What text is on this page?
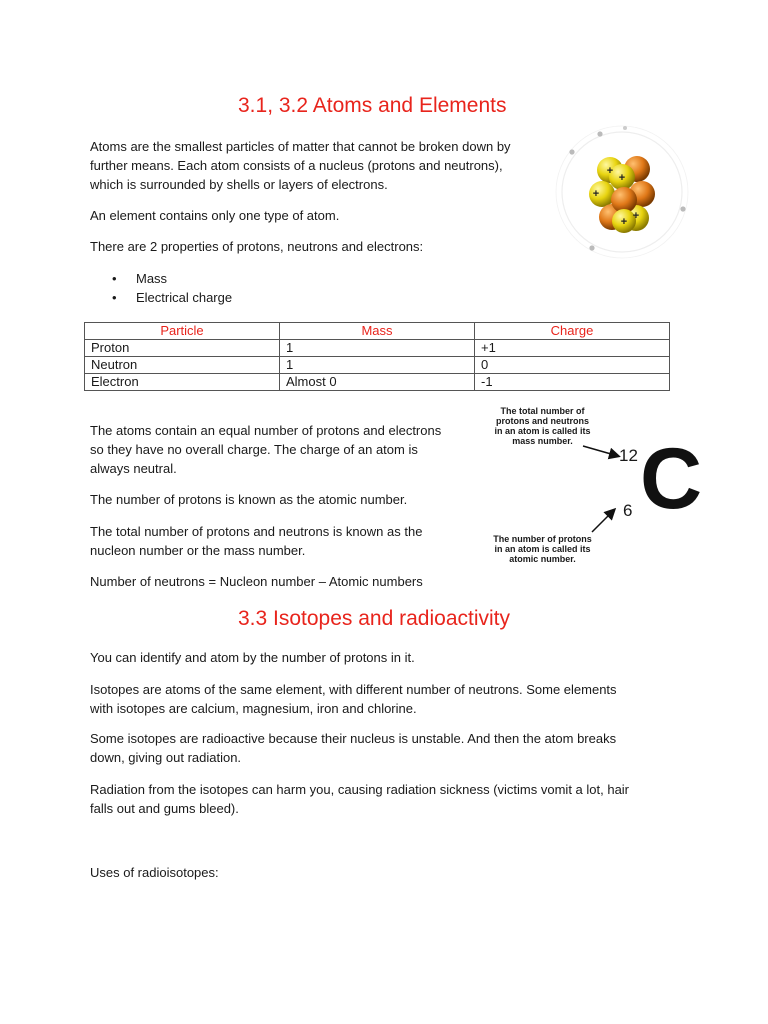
3.1, 3.2 Atoms and Elements
Atoms are the smallest particles of matter that cannot be broken down by
further means. Each atom consists of a nucleus (protons and neutrons),
which is surrounded by shells or layers of electrons.
An element contains only one type of atom.
There are 2 properties of protons, neutrons and electrons:
• Mass
• Electrical charge
+
+
+
+
+
Particle	Mass	Charge
Proton	1	+1
Neutron	1	0
Electron	Almost 0	-1
The atoms contain an equal number of protons and electrons
so they have no overall charge. The charge of an atom is
always neutral.
The number of protons is known as the atomic number.
The total number of protons and neutrons is known as the
nucleon number or the mass number.
Number of neutrons = Nucleon number – Atomic numbers
The total number of
protons and neutrons
in an atom is called its
mass number.
12
6 C
The number of protons
in an atom is called its
atomic number.
3.3 Isotopes and radioactivity
You can identify and atom by the number of protons in it.
Isotopes are atoms of the same element, with different number of neutrons. Some elements
with isotopes are calcium, magnesium, iron and chlorine.
Some isotopes are radioactive because their nucleus is unstable. And then the atom breaks
down, giving out radiation.
Radiation from the isotopes can harm you, causing radiation sickness (victims vomit a lot, hair
falls out and gums bleed).
Uses of radioisotopes:
